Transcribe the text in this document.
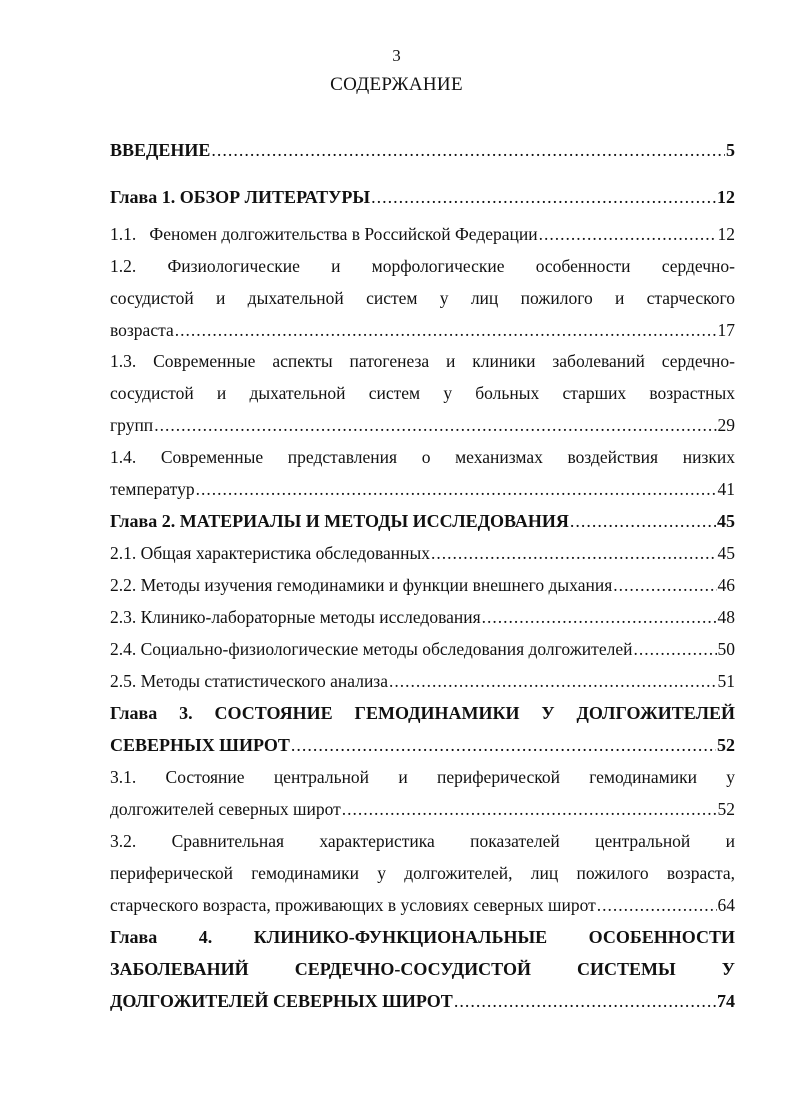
3
СОДЕРЖАНИЕ
ВВЕДЕНИЕ .....	5
Глава 1. ОБЗОР ЛИТЕРАТУРЫ .....	12
1.1.   Феномен долгожительства в Российской Федерации .....	12
1.2. Физиологические и морфологические особенности сердечно-
сосудистой и дыхательной систем у лиц пожилого и старческого
возраста .....	17
1.3. Современные аспекты патогенеза и клиники заболеваний сердечно-
сосудистой и дыхательной систем у больных старших возрастных
групп .....	29
1.4. Современные представления о механизмах воздействия низких
температур .....	41
Глава 2. МАТЕРИАЛЫ И МЕТОДЫ ИССЛЕДОВАНИЯ .....	45
2.1. Общая характеристика обследованных .....	45
2.2. Методы изучения гемодинамики и функции внешнего дыхания .....	46
2.3. Клинико-лабораторные методы исследования .....	48
2.4. Социально-физиологические методы обследования долгожителей .....	50
2.5. Методы статистического анализа .....	51
Глава 3. СОСТОЯНИЕ ГЕМОДИНАМИКИ У ДОЛГОЖИТЕЛЕЙ
СЕВЕРНЫХ ШИРОТ .....	52
3.1. Состояние центральной и периферической гемодинамики у
долгожителей северных широт .....	52
3.2. Сравнительная характеристика показателей центральной и
периферической гемодинамики у долгожителей, лиц пожилого возраста,
старческого возраста, проживающих в условиях северных широт .....	64
Глава 4. КЛИНИКО-ФУНКЦИОНАЛЬНЫЕ ОСОБЕННОСТИ
ЗАБОЛЕВАНИЙ СЕРДЕЧНО-СОСУДИСТОЙ СИСТЕМЫ У
ДОЛГОЖИТЕЛЕЙ СЕВЕРНЫХ ШИРОТ .....	74
